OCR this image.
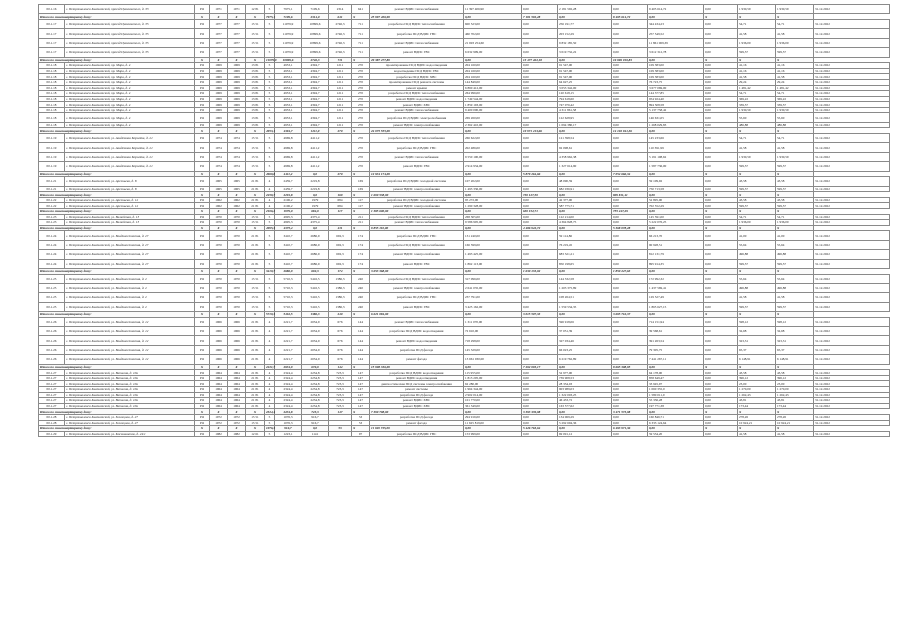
00.1.16	г. Петропавловск-Камчатский, проезд Циолковского, д. 33	РО	1971	1971	12 81	5	7975,1	7109,6	2314	641	ремонт ВДИС теплоснабжения	11 397 406,90	0,00	2 181 592,28	0,00	9 405 614,72	0,00	1 930,59	1 930,59	31.12.2022
Итого по многоквартирному дому:		X	X	X	X	7975,1	7109,6	2314,0	641	X	25 997 406,90	0,00	7 181 592,28	0,00	8 405 614,72	0,00	X	X	X	
00.1.17	г. Петропавловск-Камчатский, проезд Циолковского, д. 35	РО	1977	1977	15 51	5	11079,9	10899,6	2746,3	711	разработка ПСД ВДИС теплоснабжения	600 523,00	0,00	256 191,77	0,00	344 434,23	0,00	54,71	54,71	31.12.2022
00.1.17	г. Петропавловск-Камчатский, проезд Циолковского, д. 35	РО	1977	1977	15 51	5	11079,9	10899,6	2746,3	711	разработка ПСД ВДИС ГВС	460 702,00	0,00	203 152,29	0,00	257 549,52	0,00	41,58	41,58	31.12.2022
00.1.17	г. Петропавловск-Камчатский, проезд Циолковского, д. 35	РО	1977	1977	15 51	5	11079,9	10899,6	2746,3	711	ремонт ВДИС теплоснабжения	21 693 254,60	0,00	9 832 185,50	0,00	11 861 069,39	0,00	1 936,00	1 936,00	31.12.2022
00.1.17	г. Петропавловск-Камчатский, проезд Циолковского, д. 35	РО	1977	1977	15 51	5	11079,9	10899,6	2746,3	711	ремонт ВДИС ГВС	6 632 999,00	0,00	3 019 732,22	0,00	3 612 312,78	0,00	599,57	599,57	31.12.2022
Итого по многоквартирному дому:		X	X	X	X	11079,9	10899,6	2746,3	711	X	29 387 477,80	0,00	13 477 462,18	0,00	16 069 010,83	0,00	X	X	X	
00.1.18	г. Петропавловск-Камчатский, пр. Мира, д. 4	РО	1969	1969	13 81	5	4953,1	4394,7	1211	270	проектирование ПСД ВДИС водоотведения	204 160,00	0,00	91 547,00	0,00	109 383,00	0,00	41,16	41,16	31.12.2022
00.1.18	г. Петропавловск-Камчатский, пр. Мира, д. 4	РО	1969	1969	13 81	5	4953,1	4394,7	1211	270	водоотведение ПСД ВДИС ГВС	204 160,00	0,00	91 547,00	0,00	109 383,00	0,00	41,16	41,16	31.12.2022
00.1.18	г. Петропавловск-Камчатский, пр. Мира, д. 4	РО	1969	1969	13 81	5	4953,1	4394,7	1211	270	разработка ПСД ВДИС ХВС	204 160,00	0,00	91 547,00	0,00	109 383,00	0,00	41,58	41,58	31.12.2022
00.1.18	г. Петропавловск-Камчатский, пр. Мира, д. 4	РО	1969	1969	13 81	5	4953,1	4394,7	1211	270	проектирование ПСД ремонта системы	144 849,00	0,00	64 627,25	0,00	76 723,75	0,00	29,24	29,24	31.12.2022
00.1.18	г. Петропавловск-Камчатский, пр. Мира, д. 4	РО	1969	1969	13 81	5	4953,1	4394,7	1211	270	ремонт крыши	6 860 412,00	0,00	3 053 342,00	0,00	3 677 069,00	0,00	1 481,42	1 481,42	31.12.2022
00.1.18	г. Петропавловск-Камчатский, пр. Мира, д. 4	РО	1969	1969	13 81	5	4953,1	4394,7	1211	270	разработка ПСД ВДИС теплоснабжения	264 996,00	0,00	120 618,15	0,00	144 377,85	0,00	54,71	54,71	31.12.2022
00.1.18	г. Петропавловск-Камчатский, пр. Мира, д. 4	РО	1969	1969	13 81	5	4953,1	4394,7	1211	270	ремонт ВДИС водоотведения	1 749 544,00	0,00	794 618,60	0,00	954 924,40	0,00	369,22	369,22	31.12.2022
00.1.18	г. Петропавловск-Камчатский, пр. Мира, д. 4	РО	1969	1969	13 81	5	4953,1	4394,7	1211	270	ремонт ВДИС ХВС	1 859 193,00	0,00	747 076,42	0,00	894 508,58	0,00	339,57	339,57	31.12.2022
00.1.18	г. Петропавловск-Камчатский, пр. Мира, д. 4	РО	1969	1969	13 81	5	4953,1	4394,7	1211	270	ремонт ВДИС теплоснабжения	9 400 000,00	0,00	4 311 861,58	0,00	5 137 758,42	0,00	1 930,59	1 930,59	31.12.2022
00.1.18	г. Петропавловск-Камчатский, пр. Мира, д. 4	РО	1969	1969	13 81	5	4953,1	4394,7	1211	270	разработка ПСД ВДИС электроснабжения	269 260,00	0,00	122 628,95	0,00	146 631,05	0,00	55,60	55,60	31.12.2022
00.1.18	г. Петропавловск-Камчатский, пр. Мира, д. 4	РО	1969	1969	13 81	5	4953,1	4394,7	1211	270	ремонт ВДИС электроснабжения	2 362 410,00	0,00	1 094 380,17	0,00	1 268 029,83	0,00	486,88	486,88	31.12.2022
Итого по многоквартирному дому:		X	X	X	X	4953,1	4394,7	1211,0	270	X	24 075 555,00	0,00	10 971 413,66	0,00	14 102 941,36	0,00	X	X	X	
00.1.19	г. Петропавловск-Камчатский, ул. Академика Королёва, д. 21	РО	1974	1974	15 51	5	4969,8	4411,2		270	разработка ПСД ВДИС теплоснабжения	266 622,00	0,00	121 398,54	0,00	145 233,66	0,00	54,71	54,71	31.12.2022
00.1.19	г. Петропавловск-Камчатский, ул. Академика Королёва, д. 21	РО	1974	1974	15 51	5	4969,8	4411,2		270	разработка ПСД ВДИС ГВС	202 486,00	0,00	92 098,61	0,00	110 391,99	0,00	41,58	41,58	31.12.2022
00.1.19	г. Петропавловск-Камчатский, ул. Академика Королёва, д. 21	РО	1974	1974	15 51	5	4969,8	4411,2		270	ремонт ВДИС теплоснабжения	9 550 100,00	0,00	4 358 962,38	0,00	5 191 108,62	0,00	1 930,59	1 930,59	31.12.2022
00.1.19	г. Петропавловск-Камчатский, ул. Академика Королёва, д. 21	РО	1974	1974	15 51	5	4969,8	4411,2		270	ремонт ВДИС ГВС	2 914 934,00	0,00	1 327 614,90	0,00	1 587 736,00	0,00	599,57	599,57	31.12.2022
Итого по многоквартирному дому:		X	X	X	X	4969,8	4411,2	0,0	270	X	12 934 174,00	0,00	5 879 264,66	0,00	7 054 666,34	0,00	X	X	X	
00.1.21	г. Петропавловск-Камчатский, ул. Арсеньева, д. 8	РО	1965	1965	21 81	4	2459,7	2219,8		169	разработка ПСД ВДИС холодной системы	107 202,00	0,00	48 090,59	0,00	59 109,92	0,00	43,58	43,58	31.12.2022
00.1.21	г. Петропавловск-Камчатский, ул. Арсеньева, д. 8	РО	1965	1965	21 81	4	2459,7	2219,8		169	ремонт ВДИС электроснабжения	1 493 336,00	0,00	682 036,91	0,00	750 713,58	0,00	599,57	599,57	31.12.2022
Итого по многоквартирному дому:		X	X	X	X	2459,7	2219,8	0,0	169	X	1 600 538,00	0,00	730 127,50	0,00	809 811,41	0,00	X	X	X	
00.1.22	г. Петропавловск-Камчатский, ул. Арсеньева, д. 12	РО	1962	1962	21 81	4	2106,2	1979	684	117	разработка ПСД ВДИС холодной системы	95 272,00	0,00	42 377,00	0,00	52 895,00	0,00	43,58	43,58	31.12.2022
00.1.22	г. Петропавловск-Камчатский, ул. Арсеньева, д. 12	РО	1962	1962	21 81	4	2106,2	1979	684	117	ремонт ВДИС электроснабжения	1 290 328,00	0,00	587 775,71	0,00	702 552,29	0,00	599,57	599,57	31.12.2022
Итого по многоквартирному дому:		X	X	X	X	2106,2	1979,0	684,0	117	X	1 385 600,00	0,00	630 152,71	0,00	755 447,29	0,00	X	X	X	
00.1.23	г. Петропавловск-Камчатский, ул. Вилюйская, д. 13	РО	1970	1970	15 51	5	4995,3	4375,4		211	разработка ПСД ВДИС теплоснабжения	268 305,00	0,00	122 214,00	0,00	145 591,00	0,00	54,71	54,71	31.12.2022
00.1.23	г. Петропавловск-Камчатский, ул. Вилюйская, д. 13	РО	1970	1970	15 51	5	4995,3	4375,4		211	ремонт ВДИС теплоснабжения	9 586 905,00	0,00	4 364 828,75	0,00	5 222 076,25	0,00	1 936,00	1 936,00	31.12.2022
Итого по многоквартирному дому:		X	X	X	X	4995,3	4375,4	0,0	211	X	9 855 110,00	0,00	4 486 942,72	0,00	5 368 078,28	0,00	X	X	X	
00.1.24	г. Петропавловск-Камчатский, ул. Владивостокская, д. 27	РО	1970	1970	21 81	5	3410,7	2686,9	692,3	174	разработка ПСД ВДИС ГВС	131 240,00	0,00	59 114,86	0,00	66 213,70	0,00	41,00	41,00	31.12.2022
00.1.24	г. Петропавловск-Камчатский, ул. Владивостокская, д. 27	РО	1970	1970	21 81	5	3410,7	2686,9	692,3	174	разработка ПСД ВДИС теплоснабжения	166 599,00	0,00	76 219,45	0,00	90 928,51	0,00	55,64	55,64	31.12.2022
00.1.24	г. Петропавловск-Камчатский, ул. Владивостокская, д. 27	РО	1970	1970	21 81	5	3410,7	2686,9	692,3	174	ремонт ВДИС электроснабжения	1 493 425,00	0,00	683 321,21	0,00	812 131,79	0,00	496,88	496,88	31.12.2022
00.1.24	г. Петропавловск-Камчатский, ул. Владивостокская, д. 27	РО	1970	1970	21 81	5	3410,7	2686,9	692,3	174	ремонт ВДИС ГВС	1 862 113,00	0,00	850 198,65	0,00	895 914,35	0,00	599,57	599,57	31.12.2022
Итого по многоквартирному дому:		X	X	X	X	3410,7	2686,9	692,3	174	X	3 653 368,00	0,00	1 630 133,02	0,00	1 850 247,63	0,00	X	X	X	
00.1.25	г. Петропавловск-Камчатский, ул. Владивостокская, д. 2	РО	1970	1970	15 51	5	5710,3	5416,5	1386,3	240	разработка ПСД ВДИС теплоснабжения	317 096,00	0,00	144 332,58	0,00	172 992,32	0,00	55,64	55,64	31.12.2022
00.1.25	г. Петропавловск-Камчатский, ул. Владивостокская, д. 2	РО	1970	1970	15 51	5	5710,3	5416,5	1386,3	240	ремонт ВДИС электроснабжения	2 641 035,00	0,00	1 203 375,89	0,00	1 437 569,41	0,00	496,88	496,88	31.12.2022
00.1.25	г. Петропавловск-Камчатский, ул. Владивостокская, д. 2	РО	1970	1970	15 51	5	5710,3	5416,5	1386,3	240	разработка ПСД ВДИС ГВС	237 791,00	0,00	108 264,51	0,00	129 527,49	0,00	41,58	41,58	31.12.2022
00.1.25	г. Петропавловск-Камчатский, ул. Владивостокская, д. 2	РО	1970	1970	15 51	5	5710,3	5416,5	1386,3	240	ремонт ВДИС ГВС	3 425 162,00	0,00	1 559 534,35	0,00	1 865 627,15	0,00	599,57	599,57	31.12.2022
Итого по многоквартирному дому:		X	X	X	X	5710,3	5416,5	1386,3	240	X	6 621 084,00	0,00	3 015 507,33	0,00	3 605 716,37	0,00	X	X	X	
00.1.26	г. Петропавловск-Камчатский, ул. Владивостокская, д. 12	РО	1966	1966	21 81	4	2221,7	2034,9	676	144	ремонт ВДИС теплоснабжения	1 311 070,00	0,00	596 918,06	0,00	714 151,94	0,00	598,12	598,12	31.12.2022
00.1.26	г. Петропавловск-Камчатский, ул. Владивостокская, д. 12	РО	1966	1966	21 81	4	2221,7	2034,9	676	144	разработка ПСД ВДИС водоотведения	72 610,00	0,00	37 051,39	0,00	39 568,61	0,00	32,68	32,68	31.12.2022
00.1.26	г. Петропавловск-Камчатский, ул. Владивостокская, д. 12	РО	1966	1966	21 81	4	2221,7	2034,9	676	144	ремонт ВДИС водоотведения	718 298,00	0,00	327 034,46	0,00	391 263,54	0,00	323,31	323,31	31.12.2022
00.1.26	г. Петропавловск-Камчатский, ул. Владивостокская, д. 12	РО	1966	1966	21 81	4	2221,7	2034,9	676	144	разработка ПСД фасада	145 329,00	0,00	66 023,25	0,00	79 305,75	0,00	65,37	65,37	31.12.2022
00.1.26	г. Петропавловск-Камчатский, ул. Владивостокская, д. 12	РО	1966	1966	21 81	4	2221,7	2034,9	676	144	ремонт фасада	13 661 030,00	0,00	6 219 762,89	0,00	7 441 267,11	0,00	6 148,91	6 148,91	31.12.2022
Итого по многоквартирному дому:		X	X	X	X	2221,7	2034,9	676,0	144	X	15 908 336,00	0,00	7 202 093,17	0,00	8 665 308,95	0,00	X	X	X	
00.1.27	г. Петропавловск-Камчатский, ул. Виталия, д. 10а	РО	1964	1964	21 81	4	2324,4	2234,8	723,3	147	разработка ПСД ВДИС водоотведения	115 955,00	0,00	52 977,00	0,00	64 178,00	0,00	43,58	43,58	31.12.2022
00.1.27	г. Петропавловск-Камчатский, ул. Виталия, д. 10а	РО	1964	1964	21 81	4	2324,4	2234,8	723,3	147	ремонт ВДИС водоотведения	1 813 205,00	0,00	739 908,53	0,00	858 649,47	0,00	396,12	396,12	31.12.2022
00.1.27	г. Петропавловск-Камчатский, ул. Виталия, д. 10а	РО	1964	1964	21 81	4	2324,4	2234,8	723,3	147	диагностическая ПСД системы электроснабжения	62 280,00	0,00	28 334,03	0,00	33 945,97	0,00	23,00	23,00	31.12.2022
00.1.27	г. Петропавловск-Камчатский, ул. Виталия, д. 10а	РО	1964	1964	21 81	4	2324,4	2234,8	723,3	147	ремонт системы	1 964 344,00	0,00	903 989,03	0,00	1 060 355,0	0,00	1 270,00	1 270,00	31.12.2022
00.1.27	г. Петропавловск-Камчатский, ул. Виталия, д. 10а	РО	1964	1964	21 81	4	2324,4	2234,8	723,3	147	разработка ПСД фасада	2 902 014,00	0,00	1 322 003,25	0,00	1 580 011,0	0,00	1 262,43	1 262,43	31.12.2022
00.1.27	г. Петропавловск-Камчатский, ул. Виталия, д. 10а	РО	1964	1964	21 81	4	2324,4	2234,8	723,3	147	ремонт ВДИС ХВС	101 770,00	0,00	46 433,72	0,00	55 336,28	0,00	43,81	43,81	31.12.2022
00.1.27	г. Петропавловск-Камчатский, ул. Виталия, д. 10а	РО	1964	1964	21 81	4	2324,4	2234,8	723,3	147	ремонт ВДИС ХВС	361 349,00	0,00	163 577,62	0,00	197 771,38	0,00	173,44	173,44	31.12.2022
Итого по многоквартирному дому:		X	X	X	X	2324,4	2234,8	723,3	147	X	7 390 798,00	0,00	3 393 339,08	0,00	3 471 573,08	0,00	X	X	X	
00.1.28	г. Петропавловск-Камчатский, ул. Зеленцова, д. 27	РО	1972	1972	15 51	5	1076,3	916,7		53	разработка ПСД фасада	294 916,00	0,00	134 069,29	0,00	160 846,71	0,00	278,26	278,26	31.12.2022
00.1.28	г. Петропавловск-Камчатский, ул. Зеленцова, д. 27	РО	1972	1972	15 51	5	1076,3	916,7		53	ремонт фасада	11 625 819,00	0,00	5 292 694,36	0,00	6 333 124,64	0,00	10 924,21	10 924,21	31.12.2022
Итого по многоквартирному дому:		X	X	X	X	1076,3	916,7	0,0	53	X	11 920 735,00	0,00	5 426 763,64	0,00	6 493 971,36	0,00	X	X	X	
00.1.29	г. Петропавловск-Камчатский, ул. Космонавтов, д. 24/1	РО	1982	1982	12 61	5	1223,1	1141		97	разработка ПСД ВДИС ГВС	153 999,00	0,00	69 091,12	0,00	59 534,20	0,00	41,58	41,58	31.12.2022
